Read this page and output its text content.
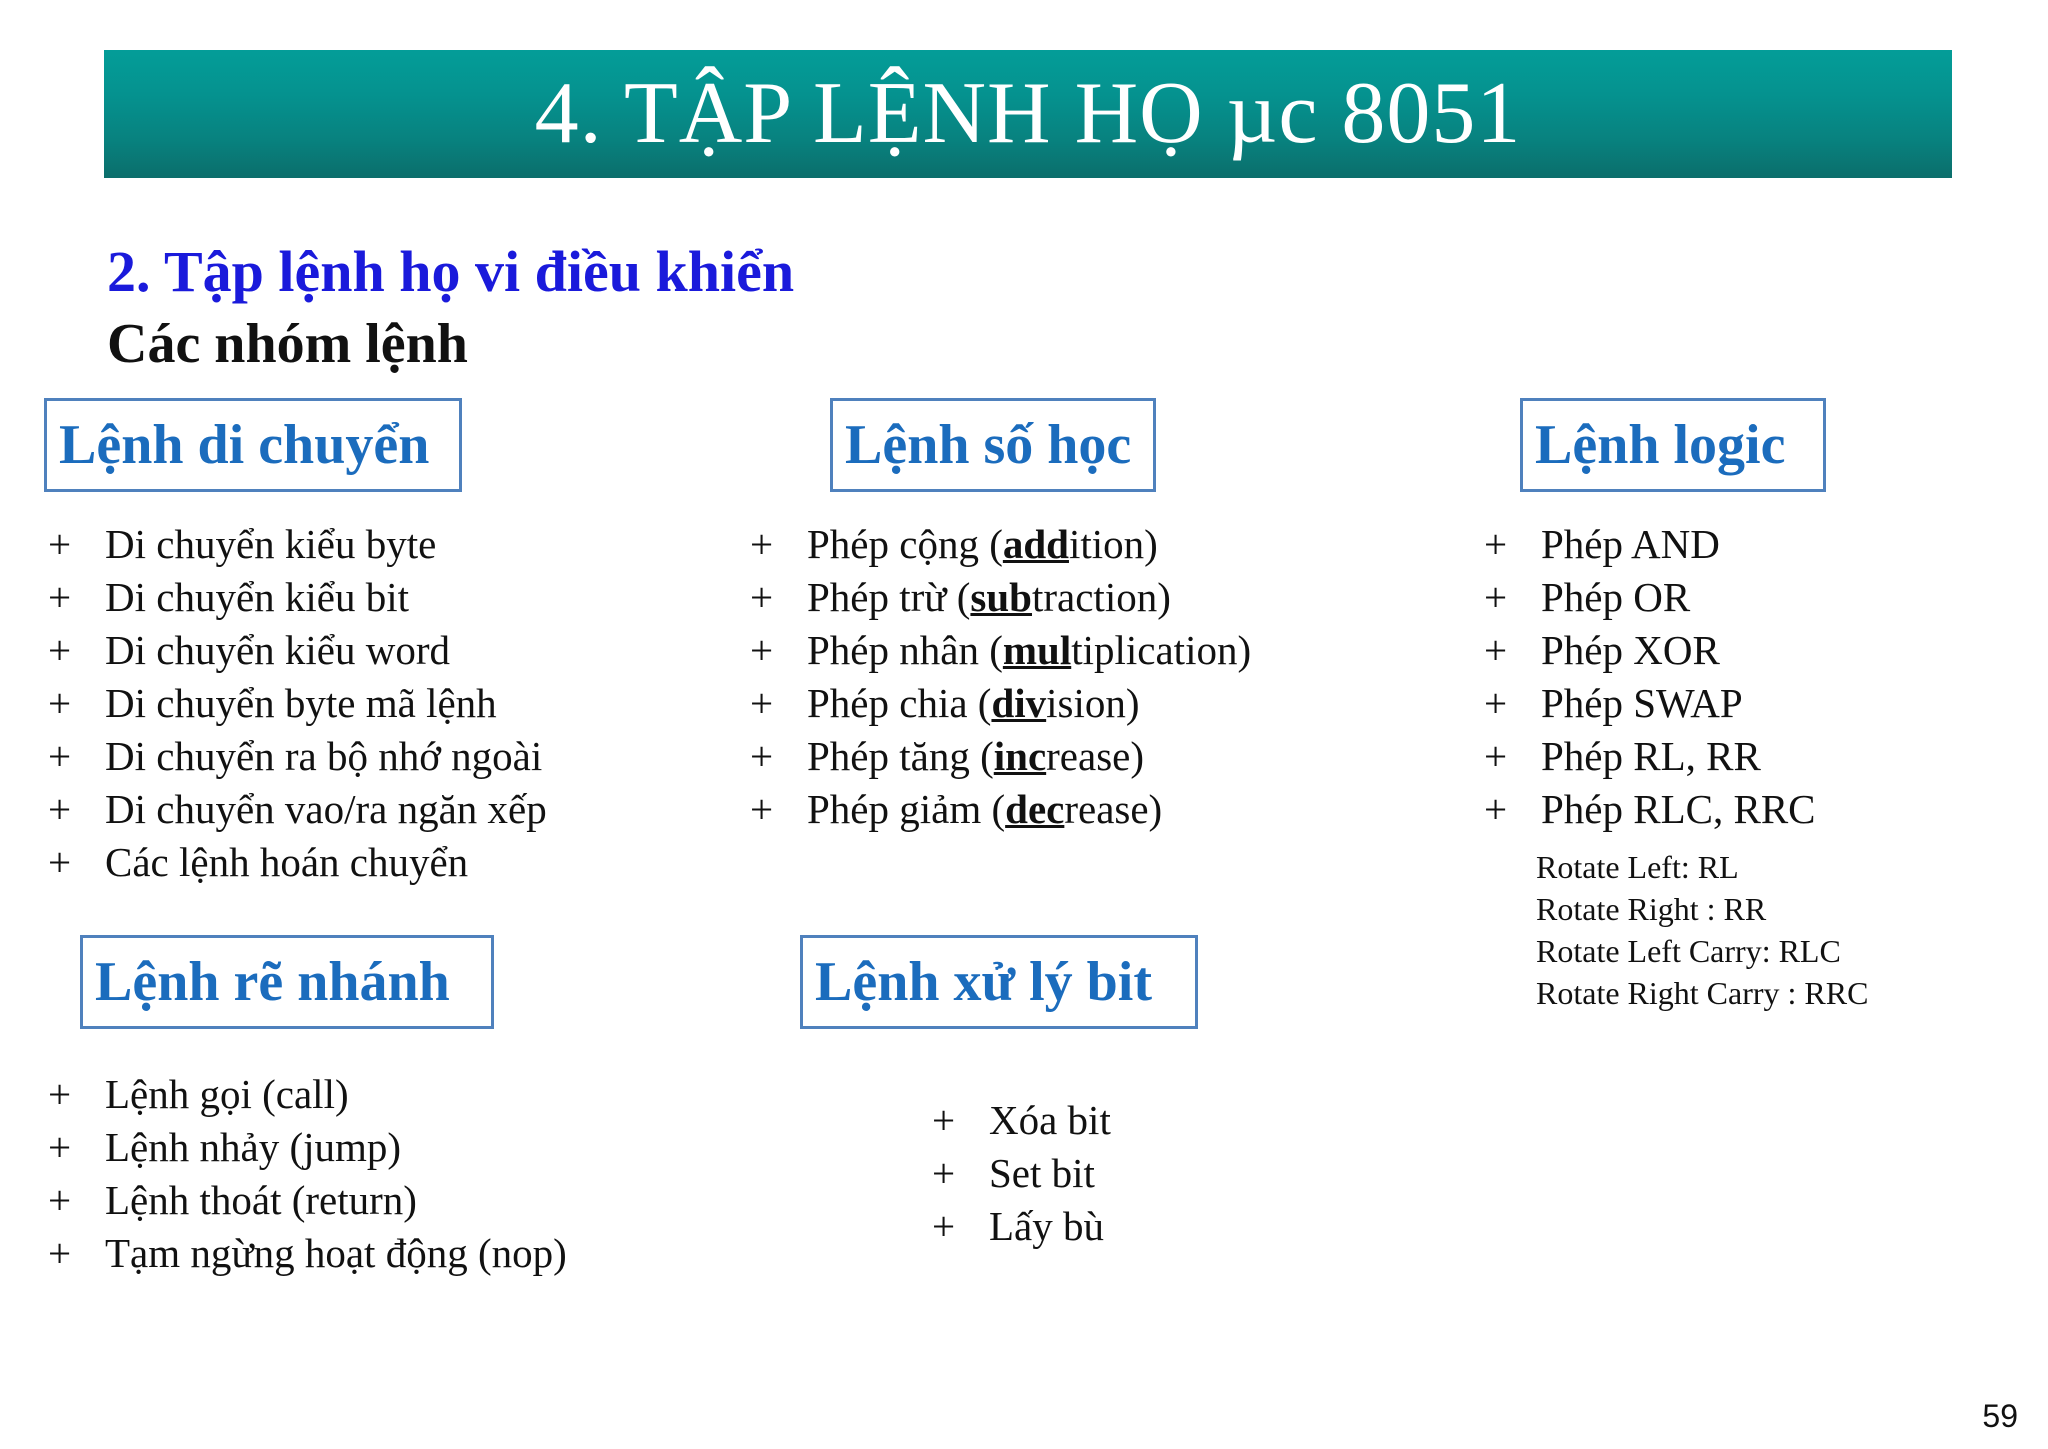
4. TẬP LỆNH HỌ µc 8051
2. Tập lệnh họ vi điều khiển
Các nhóm lệnh
Lệnh di chuyển
+ Di chuyển kiểu byte
+ Di chuyển kiểu bit
+ Di chuyển kiểu word
+ Di chuyển byte mã lệnh
+ Di chuyển ra bộ nhớ ngoài
+ Di chuyển vao/ra ngăn xếp
+ Các lệnh hoán chuyển
Lệnh số học
+ Phép cộng (addition)
+ Phép trừ (subtraction)
+ Phép nhân (multiplication)
+ Phép chia (division)
+ Phép tăng (increase)
+ Phép giảm (decrease)
Lệnh logic
+ Phép AND
+ Phép OR
+ Phép XOR
+ Phép SWAP
+ Phép RL, RR
+ Phép RLC, RRC
Rotate Left: RL
Rotate Right : RR
Rotate Left Carry: RLC
Rotate Right Carry : RRC
Lệnh rẽ nhánh
+ Lệnh gọi (call)
+ Lệnh nhảy (jump)
+ Lệnh thoát (return)
+ Tạm ngừng hoạt động (nop)
Lệnh xử lý bit
+ Xóa bit
+ Set bit
+ Lấy bù
59
